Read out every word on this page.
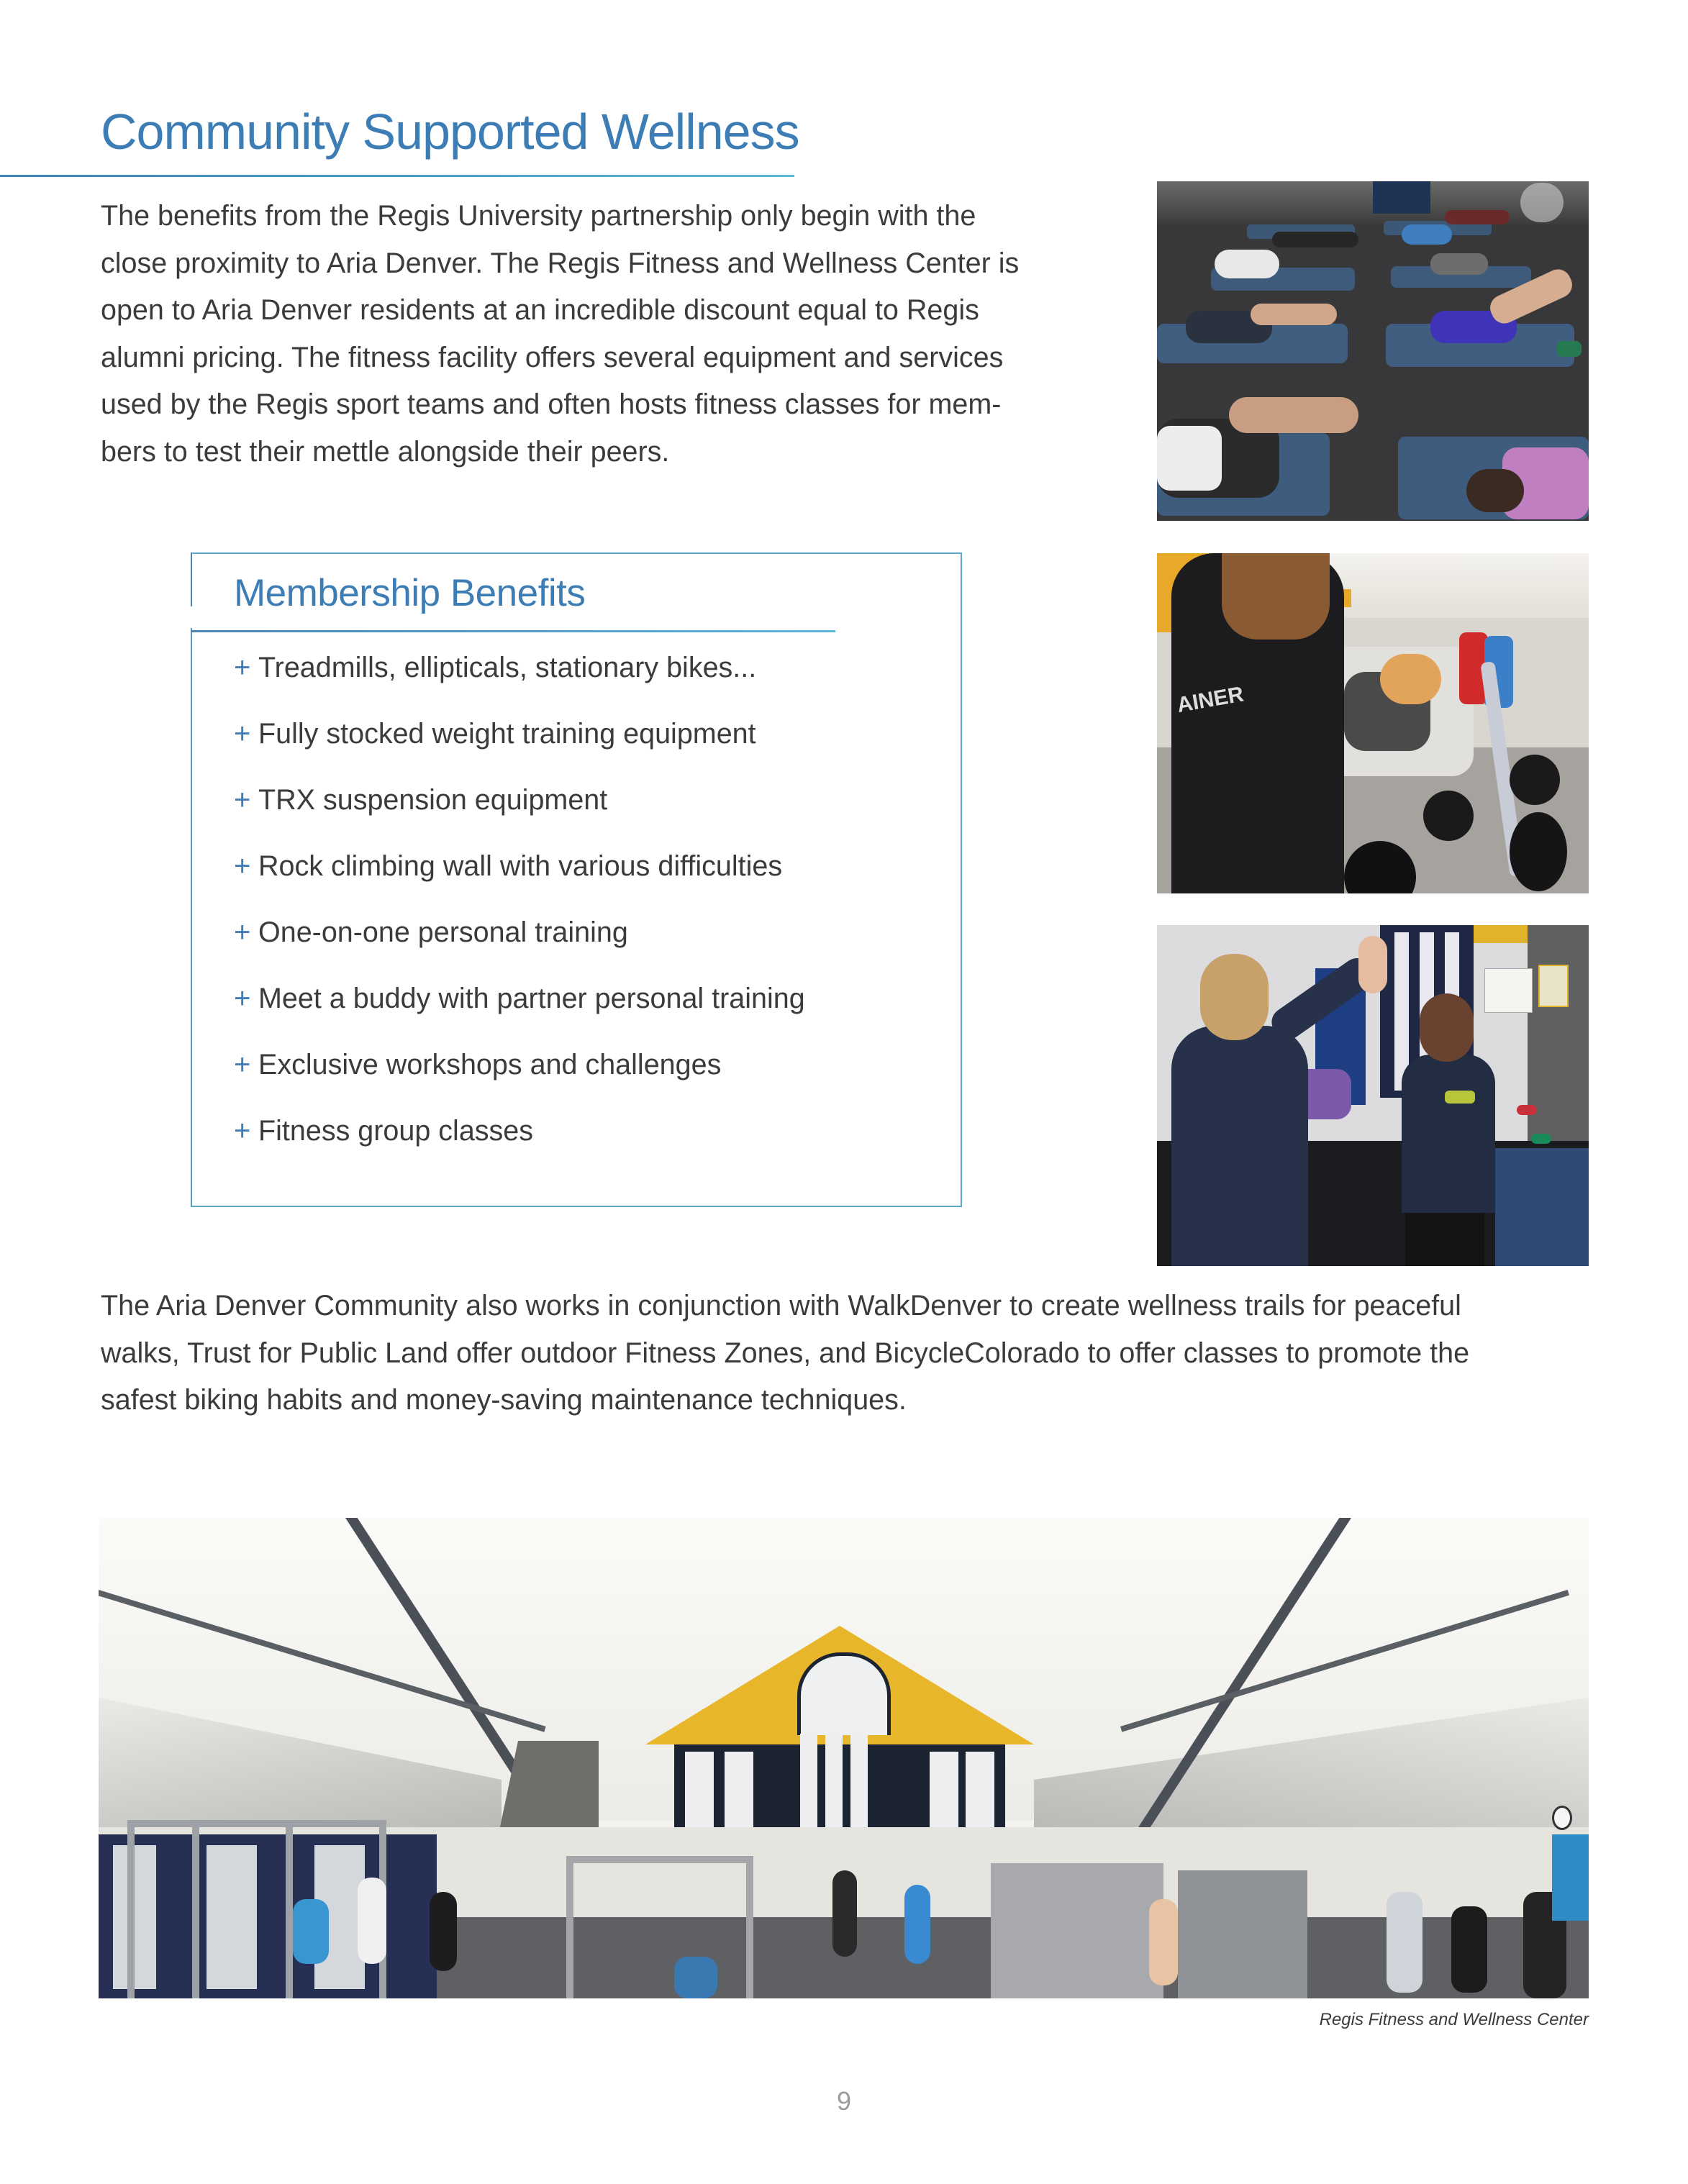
Community Supported Wellness
The benefits from the Regis University partnership only begin with the
close proximity to Aria Denver. The Regis Fitness and Wellness Center is
open to Aria Denver residents at an incredible discount equal to Regis
alumni pricing. The fitness facility offers several equipment and services
used by the Regis sport teams and often hosts fitness classes for mem-
bers to test their mettle alongside their peers.
Membership Benefits
+ Treadmills, ellipticals, stationary bikes...
+ Fully stocked weight training equipment
+ TRX suspension equipment
+ Rock climbing wall with various difficulties
+ One-on-one personal training
+ Meet a buddy with partner personal training
+ Exclusive workshops and challenges
+ Fitness group classes
AINER
The Aria Denver Community also works in conjunction with WalkDenver to create wellness trails for peaceful
walks, Trust for Public Land offer outdoor Fitness Zones, and BicycleColorado to offer classes to promote the
safest biking habits and money-saving maintenance techniques.
Regis Fitness and Wellness Center
9
